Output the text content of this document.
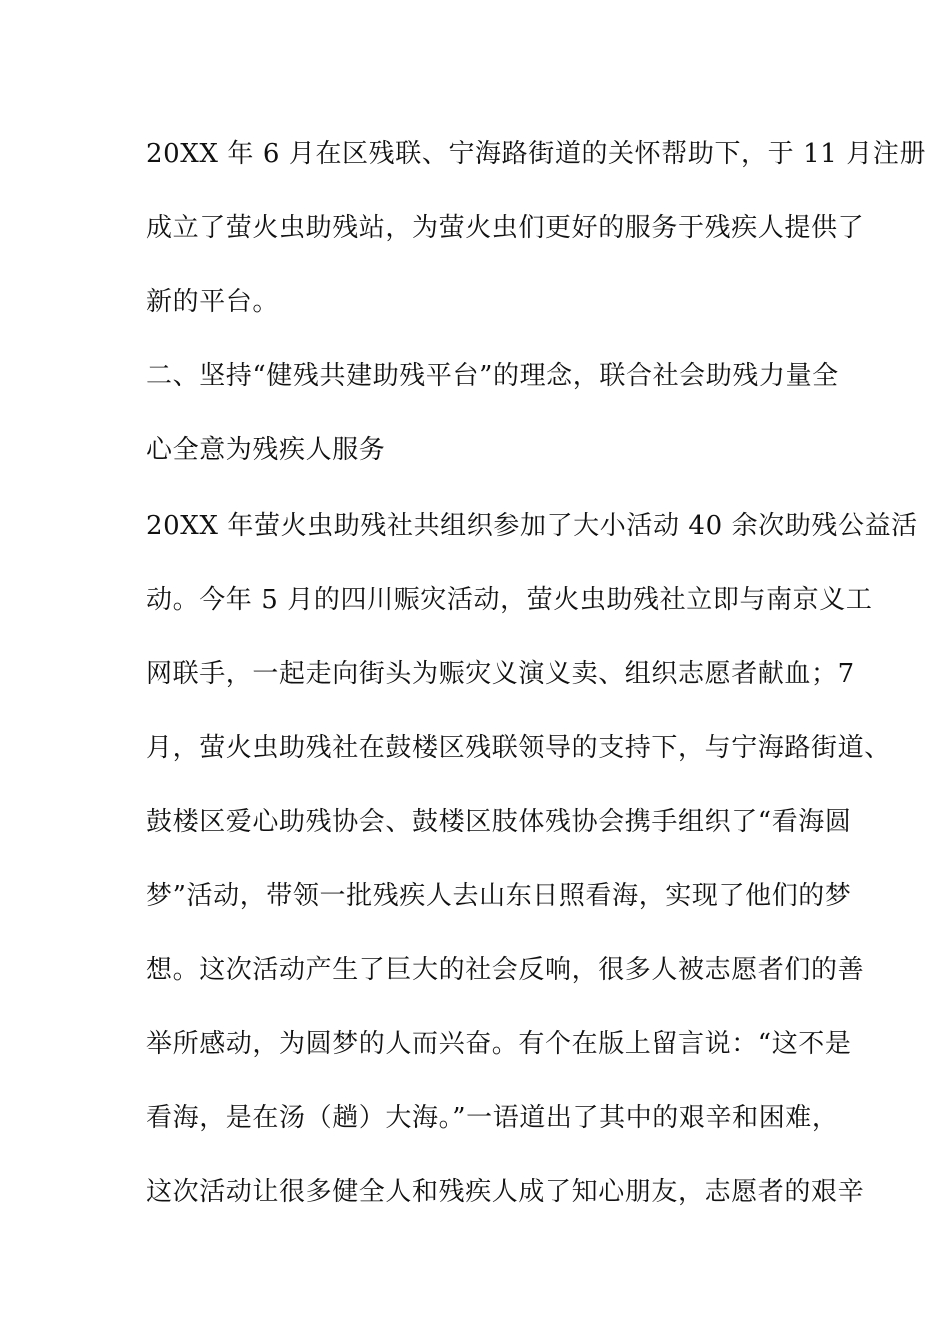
20XX 年 6 月在区残联、宁海路街道的关怀帮助下，于 11 月注册
成立了萤火虫助残站，为萤火虫们更好的服务于残疾人提供了
新的平台。
二、坚持“健残共建助残平台”的理念，联合社会助残力量全
心全意为残疾人服务
20XX 年萤火虫助残社共组织参加了大小活动 40 余次助残公益活
动。今年 5 月的四川赈灾活动，萤火虫助残社立即与南京义工
网联手，一起走向街头为赈灾义演义卖、组织志愿者献血；7
月，萤火虫助残社在鼓楼区残联领导的支持下，与宁海路街道、
鼓楼区爱心助残协会、鼓楼区肢体残协会携手组织了“看海圆
梦”活动，带领一批残疾人去山东日照看海，实现了他们的梦
想。这次活动产生了巨大的社会反响，很多人被志愿者们的善
举所感动，为圆梦的人而兴奋。有个在版上留言说：“这不是
看海，是在汤（趟）大海。”一语道出了其中的艰辛和困难，
这次活动让很多健全人和残疾人成了知心朋友，志愿者的艰辛
